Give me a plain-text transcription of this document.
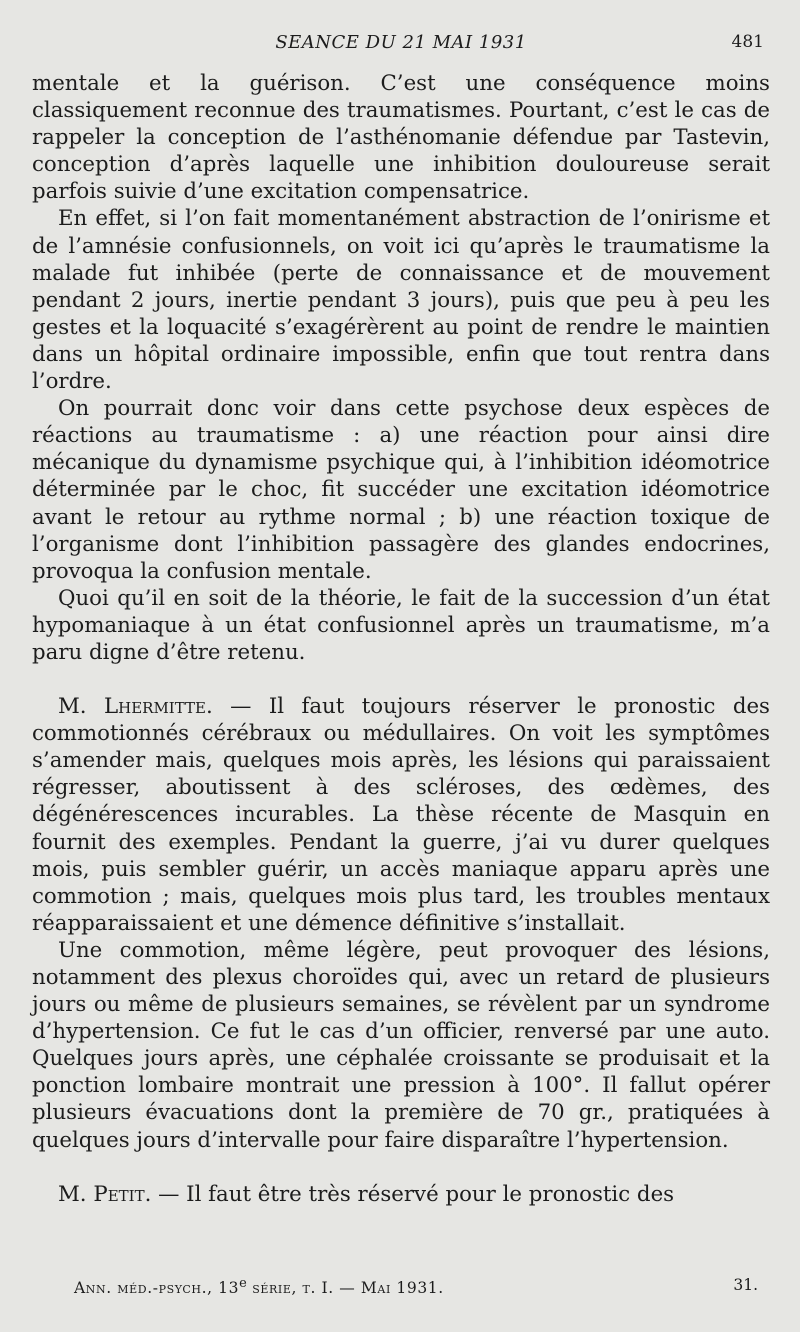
SEANCE DU 21 MAI 1931	481

mentale et la guérison. C’est une conséquence moins classiquement reconnue des traumatismes. Pourtant, c’est le cas de rappeler la conception de l’asthénomanie défendue par Tastevin, conception d’après laquelle une inhibition douloureuse serait parfois suivie d’une excitation compensatrice.

En effet, si l’on fait momentanément abstraction de l’onirisme et de l’amnésie confusionnels, on voit ici qu’après le traumatisme la malade fut inhibée (perte de connaissance et de mouvement pendant 2 jours, inertie pendant 3 jours), puis que peu à peu les gestes et la loquacité s’exagérèrent au point de rendre le maintien dans un hôpital ordinaire impossible, enfin que tout rentra dans l’ordre.

On pourrait donc voir dans cette psychose deux espèces de réactions au traumatisme : a) une réaction pour ainsi dire mécanique du dynamisme psychique qui, à l’inhibition idéomotrice déterminée par le choc, fit succéder une excitation idéomotrice avant le retour au rythme normal ; b) une réaction toxique de l’organisme dont l’inhibition passagère des glandes endocrines, provoqua la confusion mentale.

Quoi qu’il en soit de la théorie, le fait de la succession d’un état hypomaniaque à un état confusionnel après un traumatisme, m’a paru digne d’être retenu.

M. Lhermitte. — Il faut toujours réserver le pronostic des commotionnés cérébraux ou médullaires. On voit les symptômes s’amender mais, quelques mois après, les lésions qui paraissaient régresser, aboutissent à des scléroses, des œdèmes, des dégénérescences incurables. La thèse récente de Masquin en fournit des exemples. Pendant la guerre, j’ai vu durer quelques mois, puis sembler guérir, un accès maniaque apparu après une commotion ; mais, quelques mois plus tard, les troubles mentaux réapparaissaient et une démence définitive s’installait.

Une commotion, même légère, peut provoquer des lésions, notamment des plexus choroïdes qui, avec un retard de plusieurs jours ou même de plusieurs semaines, se révèlent par un syndrome d’hypertension. Ce fut le cas d’un officier, renversé par une auto. Quelques jours après, une céphalée croissante se produisait et la ponction lombaire montrait une pression à 100°. Il fallut opérer plusieurs évacuations dont la première de 70 gr., pratiquées à quelques jours d’intervalle pour faire disparaître l’hypertension.

M. Petit. — Il faut être très réservé pour le pronostic des

Ann. méd.-psych., 13e série, t. I. — Mai 1931.	31.
